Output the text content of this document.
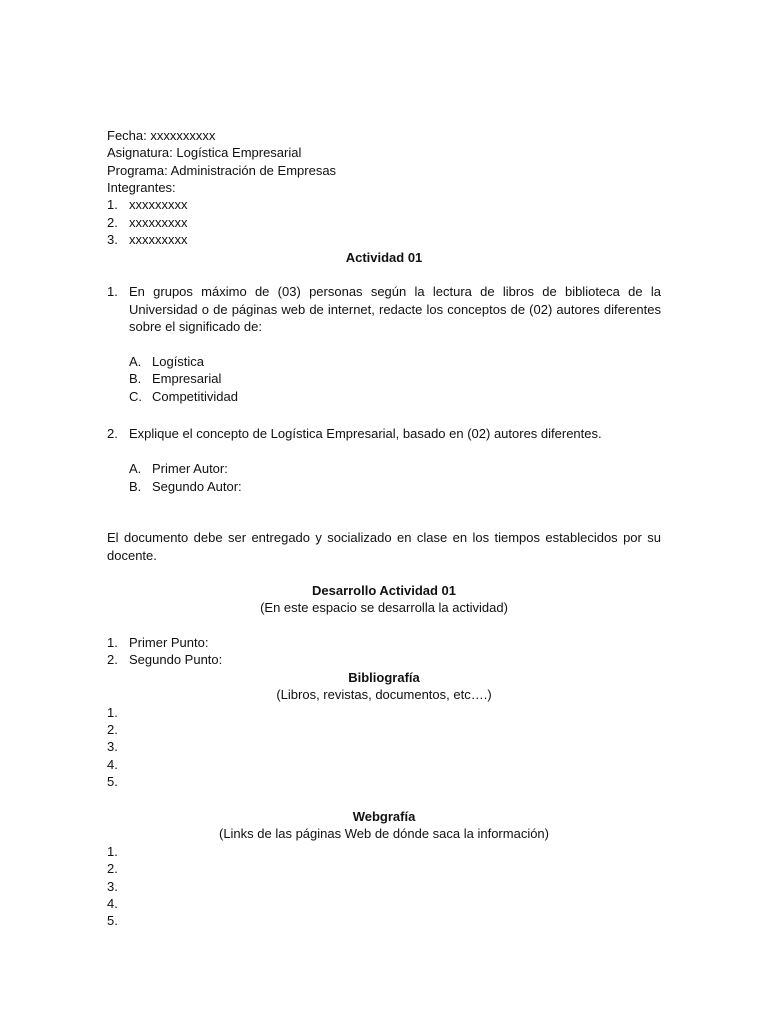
Fecha: xxxxxxxxxx
Asignatura: Logística Empresarial
Programa: Administración de Empresas
Integrantes:
1. xxxxxxxxx
2. xxxxxxxxx
3. xxxxxxxxx
Actividad 01
1. En grupos máximo de (03) personas según la lectura de libros de biblioteca de la Universidad o de páginas web de internet, redacte los conceptos de (02) autores diferentes sobre el significado de:
A. Logística
B. Empresarial
C. Competitividad
2. Explique el concepto de Logística Empresarial, basado en (02) autores diferentes.
A. Primer Autor:
B. Segundo Autor:
El documento debe ser entregado y socializado en clase en los tiempos establecidos por su docente.
Desarrollo Actividad 01
(En este espacio se desarrolla la actividad)
1. Primer Punto:
2. Segundo Punto:
Bibliografía
(Libros, revistas, documentos, etc….)
1.
2.
3.
4.
5.
Webgrafía
(Links de las páginas Web de dónde saca la información)
1.
2.
3.
4.
5.
